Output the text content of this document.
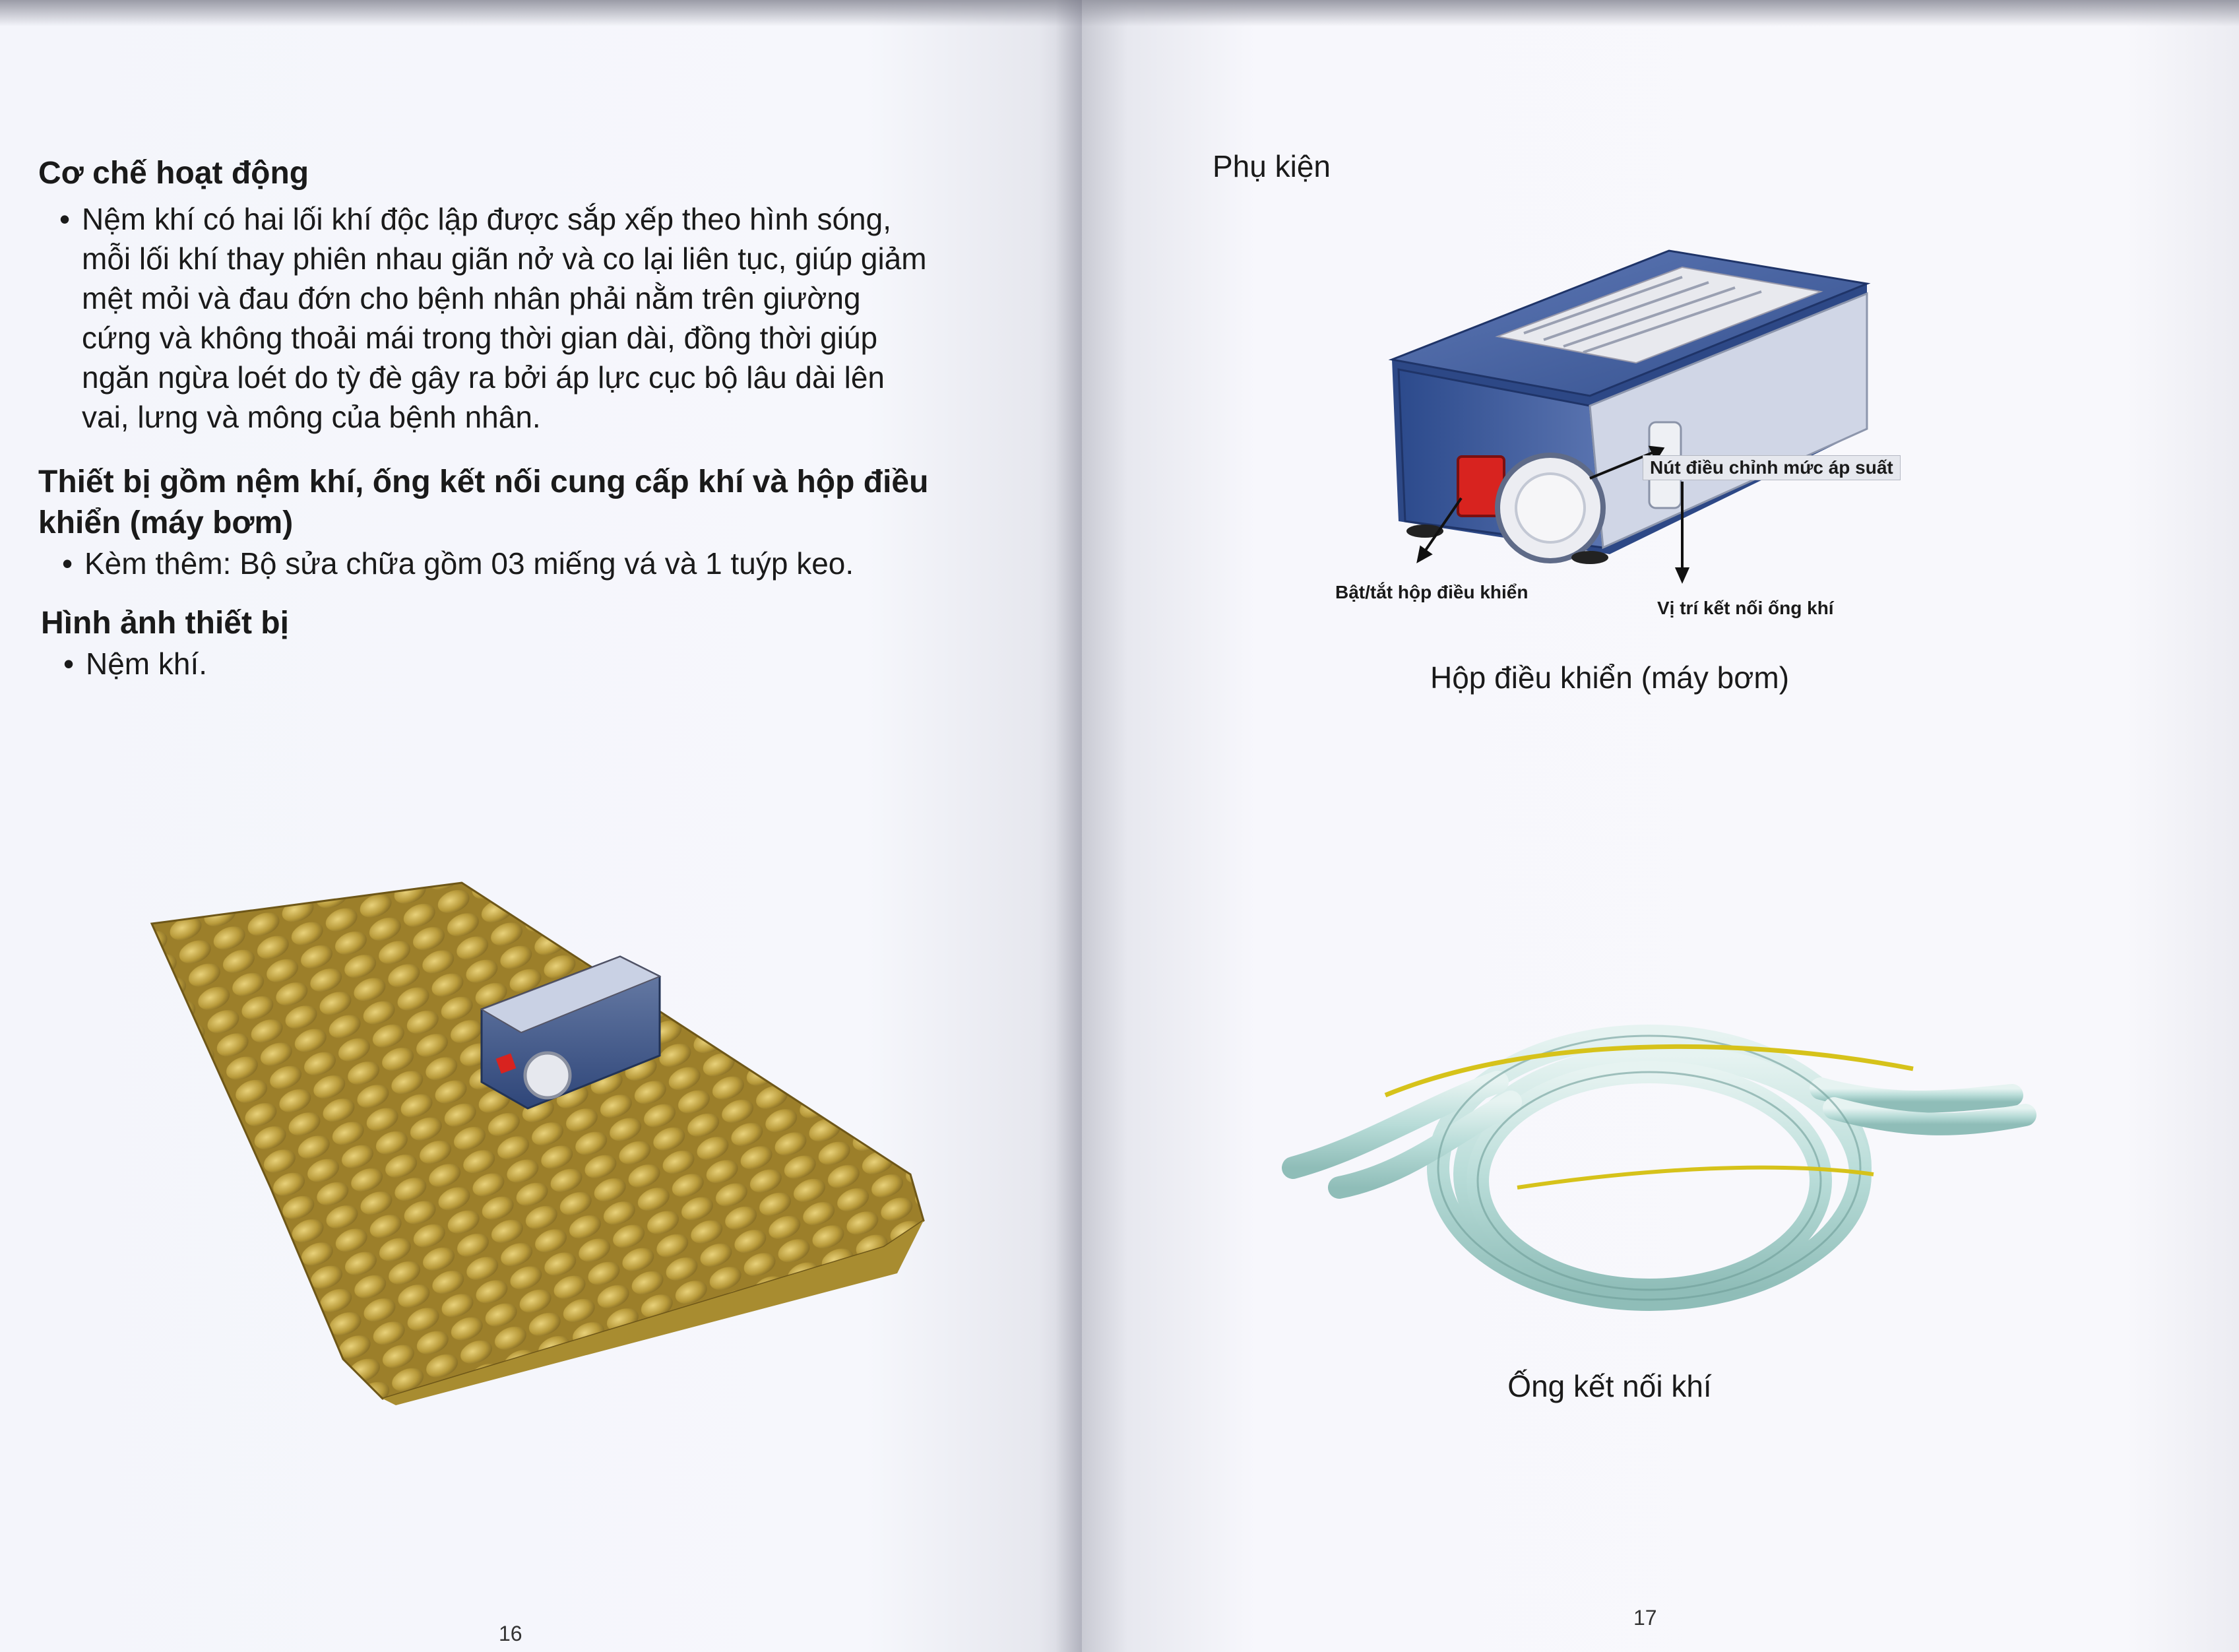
Cơ chế hoạt động
• Nệm khí có hai lối khí độc lập được sắp xếp theo hình sóng,
mỗi lối khí thay phiên nhau giãn nở và co lại liên tục, giúp giảm
mệt mỏi và đau đớn cho bệnh nhân phải nằm trên giường
cứng và không thoải mái trong thời gian dài, đồng thời giúp
ngăn ngừa loét do tỳ đè gây ra bởi áp lực cục bộ lâu dài lên
vai, lưng và mông của bệnh nhân.
Thiết bị gồm nệm khí, ống kết nối cung cấp khí và hộp điều
khiển (máy bơm)
• Kèm thêm: Bộ sửa chữa gồm 03 miếng vá và 1 tuýp keo.
Hình ảnh thiết bị
• Nệm khí.
16
Phụ kiện
Nút điều chỉnh mức áp suất
Bật/tắt hộp điều khiển
Vị trí kết nối ống khí
Hộp điều khiển (máy bơm)
Ống kết nối khí
17
